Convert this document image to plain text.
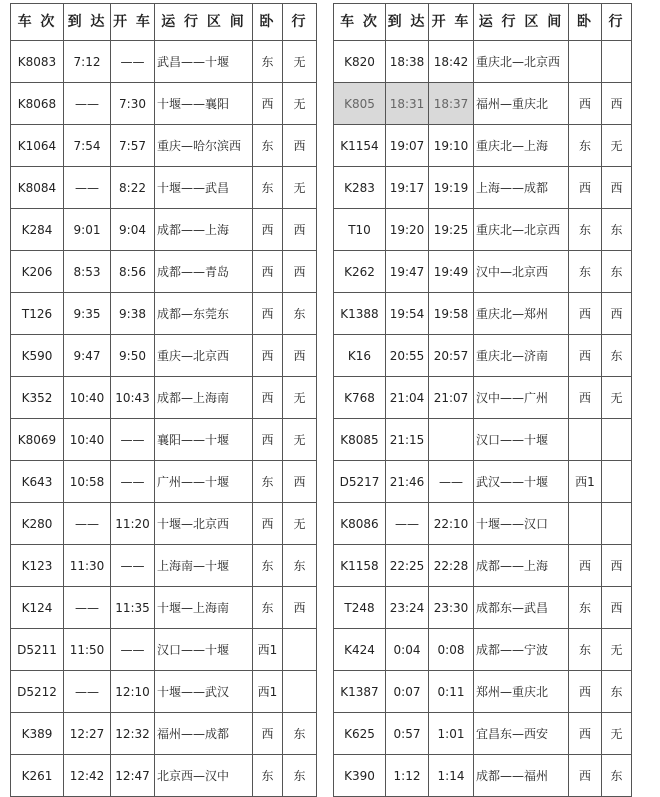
车 次	到 达	开 车	运 行 区 间	卧	行
K8083	7:12	——	武昌——十堰	东	无
K8068	——	7:30	十堰——襄阳	西	无
K1064	7:54	7:57	重庆—哈尔滨西	东	西
K8084	——	8:22	十堰——武昌	东	无
K284	9:01	9:04	成都——上海	西	西
K206	8:53	8:56	成都——青岛	西	西
T126	9:35	9:38	成都—东莞东	西	东
K590	9:47	9:50	重庆—北京西	西	西
K352	10:40	10:43	成都—上海南	西	无
K8069	10:40	——	襄阳——十堰	西	无
K643	10:58	——	广州——十堰	东	西
K280	——	11:20	十堰—北京西	西	无
K123	11:30	——	上海南—十堰	东	东
K124	——	11:35	十堰—上海南	东	西
D5211	11:50	——	汉口——十堰	西1	
D5212	——	12:10	十堰——武汉	西1	
K389	12:27	12:32	福州——成都	西	东
K261	12:42	12:47	北京西—汉中	东	东
车 次	到 达	开 车	运 行 区 间	卧	行
K820	18:38	18:42	重庆北—北京西		
K805	18:31	18:37	福州—重庆北	西	西
K1154	19:07	19:10	重庆北—上海	东	无
K283	19:17	19:19	上海——成都	西	西
T10	19:20	19:25	重庆北—北京西	东	东
K262	19:47	19:49	汉中—北京西	东	东
K1388	19:54	19:58	重庆北—郑州	西	西
K16	20:55	20:57	重庆北—济南	西	东
K768	21:04	21:07	汉中——广州	西	无
K8085	21:15		汉口——十堰		
D5217	21:46	——	武汉——十堰	西1	
K8086	——	22:10	十堰——汉口		
K1158	22:25	22:28	成都——上海	西	西
T248	23:24	23:30	成都东—武昌	东	西
K424	0:04	0:08	成都——宁波	东	无
K1387	0:07	0:11	郑州—重庆北	西	东
K625	0:57	1:01	宜昌东—西安	西	无
K390	1:12	1:14	成都——福州	西	东
